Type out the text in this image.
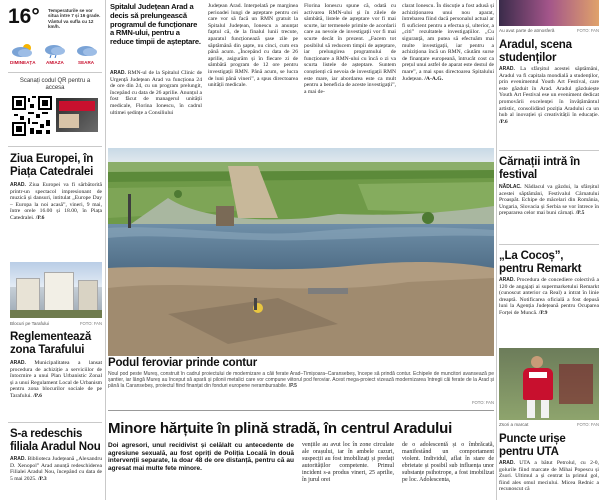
16° Temperaturile se vor situa între 7 și 16 grade. Vântul va sufla cu 12 km/h.
DIMINEAȚA AMIAZA	SEARA
Scanați codul QR pentru a accesa
Ziua Europei, în Piața Catedralei
ARAD. Ziua Europei va fi sărbătorită printr-un spectacol impresionant de muzică și dansuri, intitulat „Europe Day – Europa la noi acasă”, vineri, 9 mai, între orele 16.00 și 18.00, în Piața Catedralei. /P.6
Blocuri pe Tarafului	FOTO: FAN
Reglementează zona Tarafului
ARAD. Municipalitatea a lansat procedura de achiziție a serviciilor de întocmire a unui Plan Urbanistic Zonal și a unui Regulament Local de Urbanism pentru zona blocurilor sociale de pe Tarafului. /P.6
S-a redeschis filiala Aradul Nou
ARAD. Biblioteca Județeană „Alexandru D. Xenopol” Arad anunță redeschiderea Filialei Aradul Nou, începând cu data de 5 mai 2025. /P.3
Spitalul Județean Arad a decis să prelungească programul de funcționare a RMN-ului, pentru a reduce timpii de așteptare.
ARAD. RMN-ul de la Spitalul Clinic de Urgență Județean Arad va funcționa 24 de ore din 24, cu un program prelungit, începând cu data de 26 aprilie. Anunțul a fost făcut de managerul unității medicale, Florina Ionescu, în cadrul ultimei ședințe a Consiliului
Județean Arad. Interpelată pe marginea perioadei lungi de așteptare pentru cei care vor să facă un RMN gratuit la Spitalul Județean, Ionescu a anunțat faptul că, de la finalul lunii trecute, aparatul funcționează șase zile pe săptămână din șapte, nu cinci, cum era până acum. „Începând cu data de 26 aprilie, asigurăm și în fiecare zi de sâmbătă program de 12 ore pentru investigații RMN. Până acum, se lucra de luni până vineri”, a spus directoarea unității medicale.
Florina Ionescu spune că, odată cu activarea RMN-ului și în zilele de sâmbătă, listele de așteptare vor fi mai scurte, iar termenele primite de acordarii care au nevoie de investigații vor fi mai scurte decât în prezent. „Facem tot posibilul să reducem timpii de așteptare, iar prelungirea programului de funcționare a RMN-ului cu încă o zi va scurta listele de așteptare. Suntem conștienți că nevoia de investigații RMN este mare, iar abordarea este ca mult pentru a beneficia de aceste investigații”, a mai de-
clarat Ionescu. În discuție a fost adusă și achiziționarea unui nou aparat, întrebarea fiind dacă personalul actual ar fi suficient pentru a efectua și, ulterior, a „citi” rezultatele investigațiilor. „Cu siguranță, am putea să efectuăm mai multe investigații, iar pentru a achiziționa încă un RMN, căutăm surse de finanțare europeană, întrucât cost ca prețul unui astfel de aparat este destul de mare”, a mai spus directoarea Spitalului Județean. /A-A.G.
Podul feroviar prinde contur
Noul pod peste Mureș, construit în cadrul proiectului de modernizare a căii ferate Arad–Timișoara–Caransebeș, începe să prindă contur. Echipele de muncitori avansează pe șantier, iar lângă Mureș au început să apară și pilonii metalici care vor compune viitorul pod feroviar. Acest mega-proiect vizează modernizarea întregii căi ferate de la Arad și până la Caransebeș, proiectul fiind finanțat din fonduri europene nerambursabile. /P.5
FOTO: FAN
Minore hărțuite în plină stradă, în centrul Aradului
Doi agresori, unul recidivist și celălalt cu antecedente de agresiune sexuală, au fost opriți de Poliția Locală în două intervenții separate, la doar 48 de ore distanță, pentru că au agresat mai multe fete minore.
vențiile au avut loc în zone circulate ale orașului, iar în ambele cazuri, suspecții au fost imobilizați și predați autorităților competente. Primul incident s-a produs vineri, 25 aprilie, în jurul orei
de o adolescentă și o îmbrăcată, manifestând un comportament violent. Individul, aflat în stare de ebrietate și posibil sub influența unor substanțe psihotrope, a fost imobilizat pe loc. Adolescenta,
Au avut parte de atmosferă	FOTO: FAN
Aradul, scena studenților
ARAD. La sfârșitul acestei săptămâni, Aradul va fi capitala mondială a studenților, prin evenimentul Youth Art Festival, care este găzduit în Arad. Aradul găzduiește Youth Art Festival ese un eveniment dedicat promovării excelenței în învățământul artistic, consolidând poziția Aradului ca un hub al inovației și creativității în educație. /P.6
Cărnații intră în festival
NĂDLAC. Nădlacul va găzdui, la sfârșitul acestei săptămâni, Festivalul Cârnatului Proaspăt. Echipe de măcelari din România, Ungaria, Slovacia și Serbia se vor întrece în prepararea celor mai buni cârnați. /P.5
„La Cocoș”, pentru Remarkt
ARAD. Procedura de concediere colectivă a 120 de angajați ai supermarketului Remarkt (cunoscut anterior ca Real) a intrat în linie dreaptă. Notificarea oficială a fost depusă luni la Agenția Județeană pentru Ocuparea Forței de Muncă. /P.9
Zsori a marcat	FOTO: FAN
Puncte urișe pentru UTA
ARAD. UTA a bătut Petrolul, cu 2-0, golurile fiind marcate de Mihai Popescu și Zsori. Ultimul a și centrat la primul gol, fiind ales omul meciului. Micea Rednic a recunoscut că
